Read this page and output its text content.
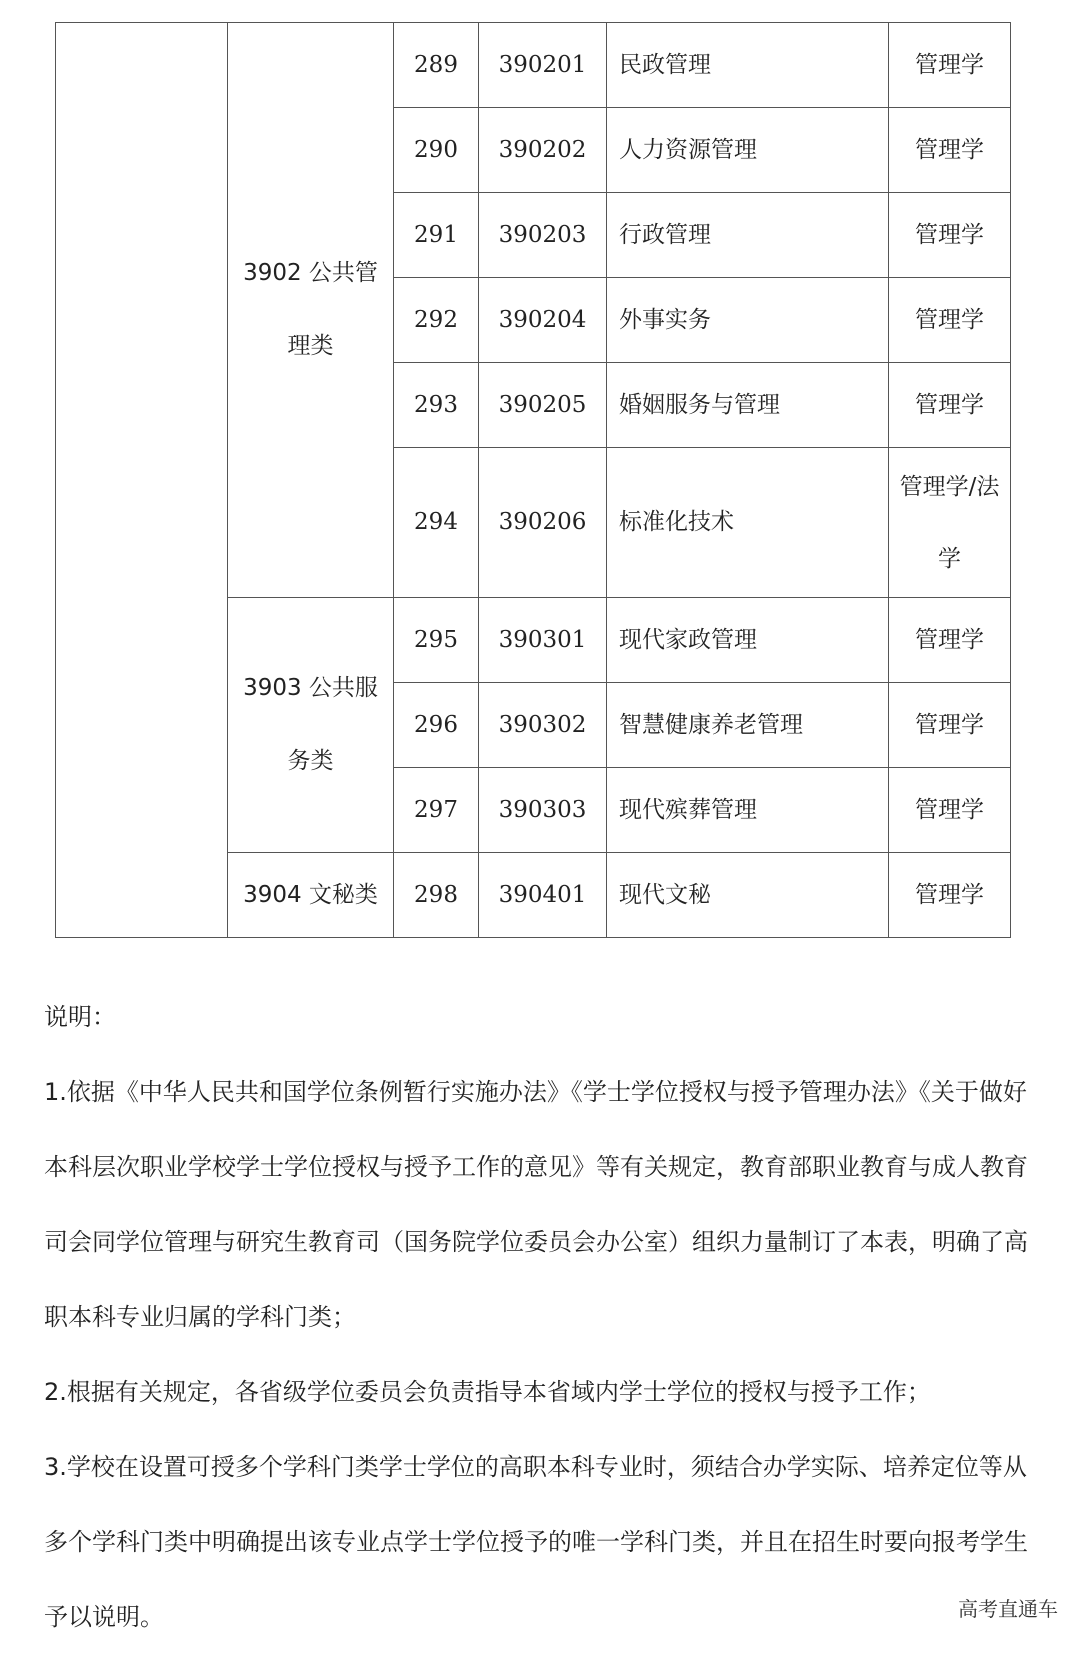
	3902 公共管理类	289	390201	民政管理	管理学
		290	390202	人力资源管理	管理学
		291	390203	行政管理	管理学
		292	390204	外事实务	管理学
		293	390205	婚姻服务与管理	管理学
		294	390206	标准化技术	管理学/法学
	3903 公共服务类	295	390301	现代家政管理	管理学
		296	390302	智慧健康养老管理	管理学
		297	390303	现代殡葬管理	管理学
	3904 文秘类	298	390401	现代文秘	管理学

说明：

1.依据《中华人民共和国学位条例暂行实施办法》《学士学位授权与授予管理办法》《关于做好本科层次职业学校学士学位授权与授予工作的意见》等有关规定，教育部职业教育与成人教育司会同学位管理与研究生教育司（国务院学位委员会办公室）组织力量制订了本表，明确了高职本科专业归属的学科门类；

2.根据有关规定，各省级学位委员会负责指导本省域内学士学位的授权与授予工作；

3.学校在设置可授多个学科门类学士学位的高职本科专业时，须结合办学实际、培养定位等从多个学科门类中明确提出该专业点学士学位授予的唯一学科门类，并且在招生时要向报考学生予以说明。	高考直通车
